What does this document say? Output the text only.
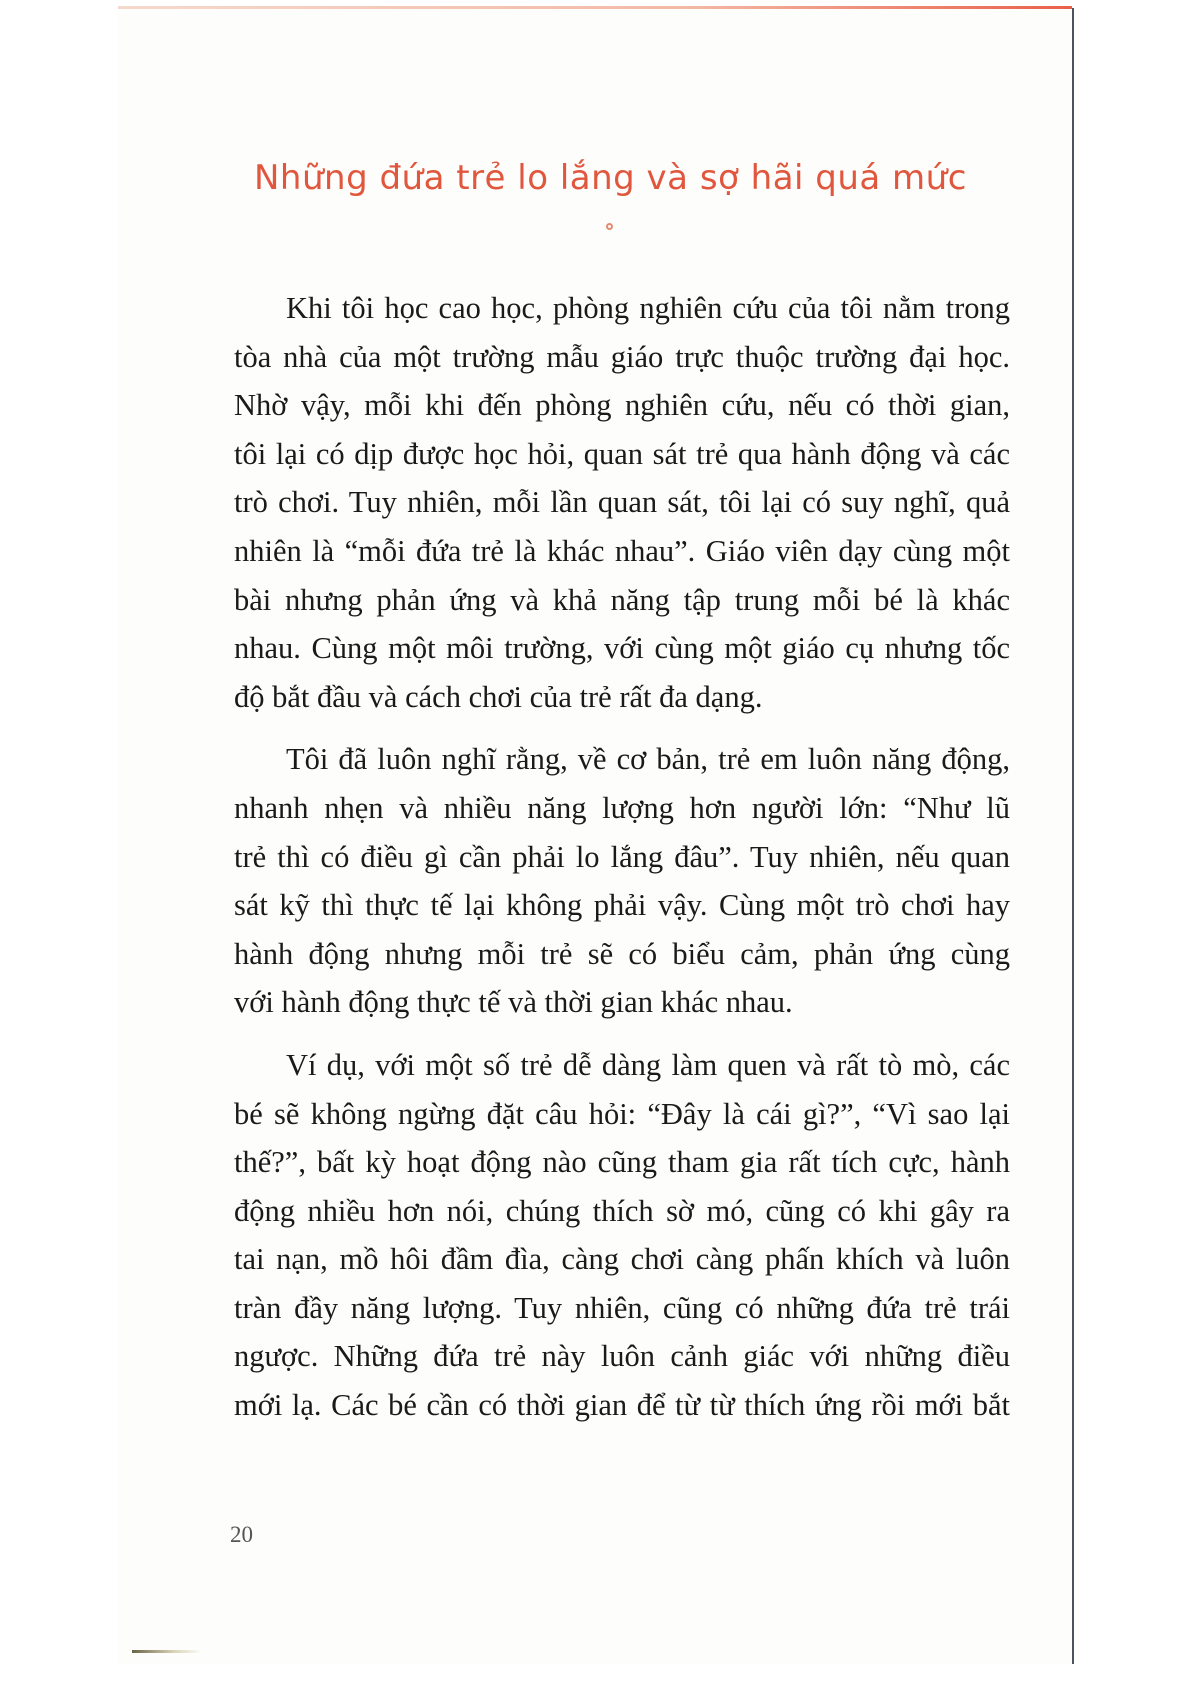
Những đứa trẻ lo lắng và sợ hãi quá mức

Khi tôi học cao học, phòng nghiên cứu của tôi nằm trong
tòa nhà của một trường mẫu giáo trực thuộc trường đại học.
Nhờ vậy, mỗi khi đến phòng nghiên cứu, nếu có thời gian,
tôi lại có dịp được học hỏi, quan sát trẻ qua hành động và các
trò chơi. Tuy nhiên, mỗi lần quan sát, tôi lại có suy nghĩ, quả
nhiên là “mỗi đứa trẻ là khác nhau”. Giáo viên dạy cùng một
bài nhưng phản ứng và khả năng tập trung mỗi bé là khác
nhau. Cùng một môi trường, với cùng một giáo cụ nhưng tốc
độ bắt đầu và cách chơi của trẻ rất đa dạng.

Tôi đã luôn nghĩ rằng, về cơ bản, trẻ em luôn năng động,
nhanh nhẹn và nhiều năng lượng hơn người lớn: “Như lũ
trẻ thì có điều gì cần phải lo lắng đâu”. Tuy nhiên, nếu quan
sát kỹ thì thực tế lại không phải vậy. Cùng một trò chơi hay
hành động nhưng mỗi trẻ sẽ có biểu cảm, phản ứng cùng
với hành động thực tế và thời gian khác nhau.

Ví dụ, với một số trẻ dễ dàng làm quen và rất tò mò, các
bé sẽ không ngừng đặt câu hỏi: “Đây là cái gì?”, “Vì sao lại
thế?”, bất kỳ hoạt động nào cũng tham gia rất tích cực, hành
động nhiều hơn nói, chúng thích sờ mó, cũng có khi gây ra
tai nạn, mồ hôi đầm đìa, càng chơi càng phấn khích và luôn
tràn đầy năng lượng. Tuy nhiên, cũng có những đứa trẻ trái
ngược. Những đứa trẻ này luôn cảnh giác với những điều
mới lạ. Các bé cần có thời gian để từ từ thích ứng rồi mới bắt

20
